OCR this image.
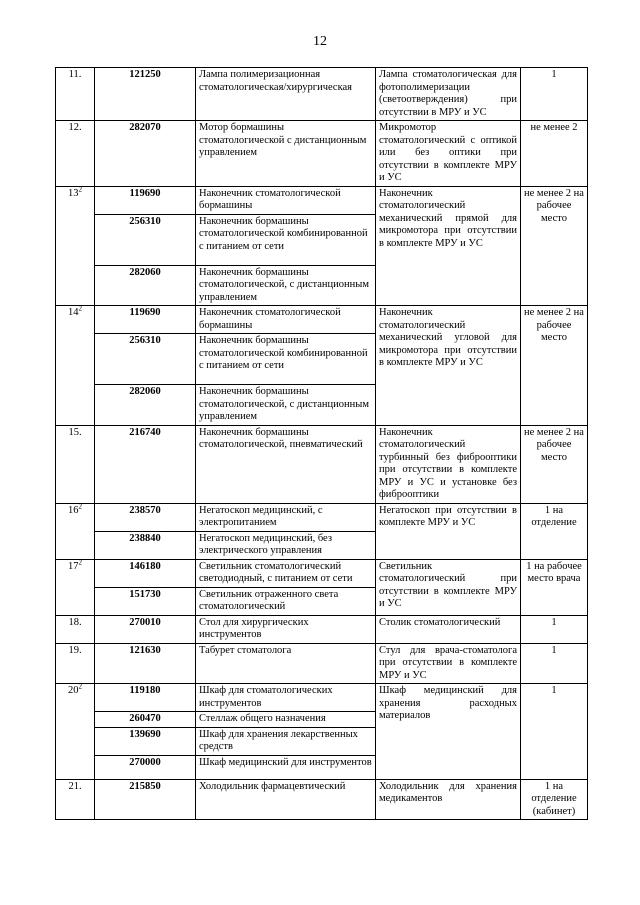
12
11.	121250	Лампа полимеризационная стоматологическая/хирургическая	Лампа стоматологическая для фотополимеризации (светоотверждения) при отсутствии в МРУ и УС	1
12.	282070	Мотор бормашины стоматологической с дистанционным управлением	Микромотор стоматологический с оптикой или без оптики при отсутствии в комплекте МРУ и УС	не менее 2
$13^2$	119690	Наконечник стоматологической бормашины	Наконечник стоматологический механический прямой для микромотора при отсутствии в комплекте МРУ и УС	не менее 2 на рабочее место
	256310	Наконечник бормашины стоматологической комбинированной с питанием от сети		
	282060	Наконечник бормашины стоматологической, с дистанционным управлением		
$14^2$	119690	Наконечник стоматологической бормашины	Наконечник стоматологический механический угловой для микромотора при отсутствии в комплекте МРУ и УС	не менее 2 на рабочее место
	256310	Наконечник бормашины стоматологической комбинированной с питанием от сети		
	282060	Наконечник бормашины стоматологической, с дистанционным управлением		
15.	216740	Наконечник бормашины стоматологической, пневматический	Наконечник стоматологический турбинный без фиброоптики при отсутствии в комплекте МРУ и УС и установке без фиброоптики	не менее 2 на рабочее место
$16^2$	238570	Негатоскоп медицинский, с электропитанием	Негатоскоп при отсутствии в комплекте МРУ и УС	1 на отделение
	238840	Негатоскоп медицинский, без электрического управления		
$17^2$	146180	Светильник стоматологический светодиодный, с питанием от сети	Светильник стоматологический при отсутствии в комплекте МРУ и УС	1 на рабочее место врача
	151730	Светильник отраженного света стоматологический		
18.	270010	Стол для хирургических инструментов	Столик стоматологический	1
19.	121630	Табурет стоматолога	Стул для врача-стоматолога при отсутствии в комплекте МРУ и УС	1
$20^2$	119180	Шкаф для стоматологических инструментов	Шкаф медицинский для хранения расходных материалов	1
	260470	Стеллаж общего назначения		
	139690	Шкаф для хранения лекарственных средств		
	270000	Шкаф медицинский для инструментов		
21.	215850	Холодильник фармацевтический	Холодильник для хранения медикаментов	1 на отделение (кабинет)
